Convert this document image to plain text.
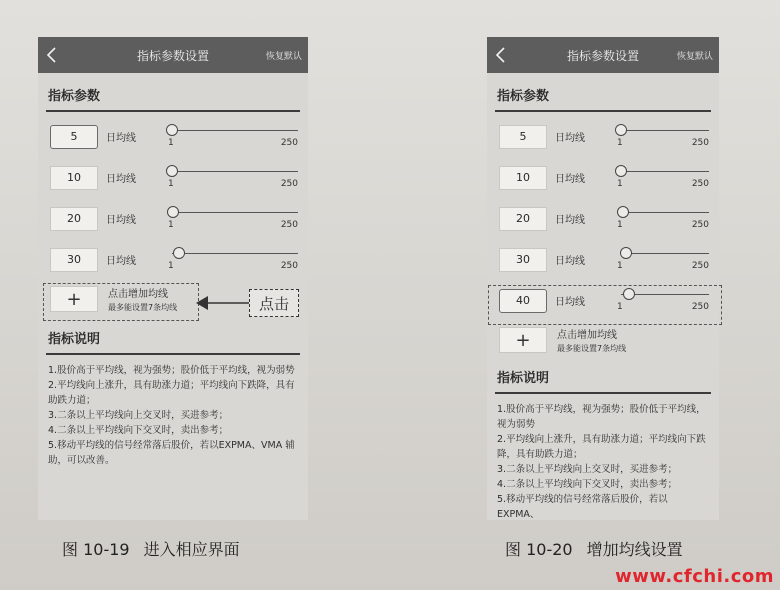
指标参数设置	恢复默认
指标参数
5	日均线	1	250
10	日均线	1	250
20	日均线	1	250
30	日均线	1	250
+	点击增加均线
最多能设置7条均线
指标说明
1.股价高于平均线，视为强势；股价低于平均线，视为弱势
2.平均线向上涨升，具有助涨力道；平均线向下跌降，具有助跌力道；
3.二条以上平均线向上交叉时，买进参考；
4.二条以上平均线向下交叉时，卖出参考；
5.移动平均线的信号经常落后股价，若以EXPMA、VMA 辅助，可以改善。
点击
指标参数设置	恢复默认
指标参数
5	日均线	1	250
10	日均线	1	250
20	日均线	1	250
30	日均线	1	250
40	日均线	1	250
+	点击增加均线
最多能设置7条均线
指标说明
1.股价高于平均线，视为强势；股价低于平均线，视为弱势
2.平均线向上涨升，具有助涨力道；平均线向下跌降，具有助跌力道；
3.二条以上平均线向上交叉时，买进参考；
4.二条以上平均线向下交叉时，卖出参考；
5.移动平均线的信号经常落后股价，若以EXPMA、
图 10-19 进入相应界面	图 10-20 增加均线设置
www.cfchi.com
